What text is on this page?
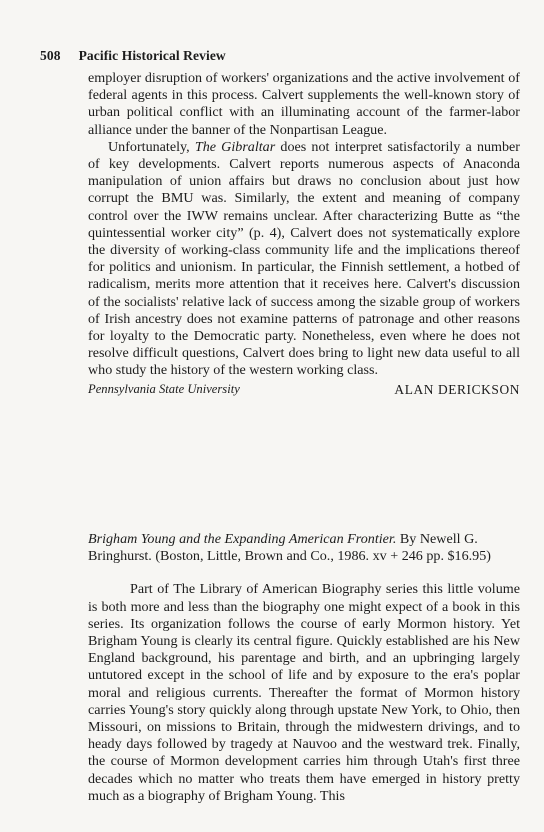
508 Pacific Historical Review

employer disruption of workers' organizations and the active involvement of federal agents in this process. Calvert supplements the well-known story of urban political conflict with an illuminating account of the farmer-labor alliance under the banner of the Nonpartisan League.

Unfortunately, The Gibraltar does not interpret satisfactorily a number of key developments. Calvert reports numerous aspects of Anaconda manipulation of union affairs but draws no conclusion about just how corrupt the BMU was. Similarly, the extent and meaning of company control over the IWW remains unclear. After characterizing Butte as “the quintessential worker city” (p. 4), Calvert does not systematically explore the diversity of working-class community life and the implications thereof for politics and unionism. In particular, the Finnish settlement, a hotbed of radicalism, merits more attention that it receives here. Calvert's discussion of the socialists' relative lack of success among the sizable group of workers of Irish ancestry does not examine patterns of patronage and other reasons for loyalty to the Democratic party. Nonetheless, even where he does not resolve difficult questions, Calvert does bring to light new data useful to all who study the history of the western working class.

Pennsylvania State University	ALAN DERICKSON

Brigham Young and the Expanding American Frontier. By Newell G. Bringhurst. (Boston, Little, Brown and Co., 1986. xv + 246 pp. $16.95)

Part of The Library of American Biography series this little volume is both more and less than the biography one might expect of a book in this series. Its organization follows the course of early Mormon history. Yet Brigham Young is clearly its central figure. Quickly established are his New England background, his parentage and birth, and an upbringing largely untutored except in the school of life and by exposure to the era's poplar moral and religious currents. Thereafter the format of Mormon history carries Young's story quickly along through upstate New York, to Ohio, then Missouri, on missions to Britain, through the midwestern drivings, and to heady days followed by tragedy at Nauvoo and the westward trek. Finally, the course of Mormon development carries him through Utah's first three decades which no matter who treats them have emerged in history pretty much as a biography of Brigham Young. This
